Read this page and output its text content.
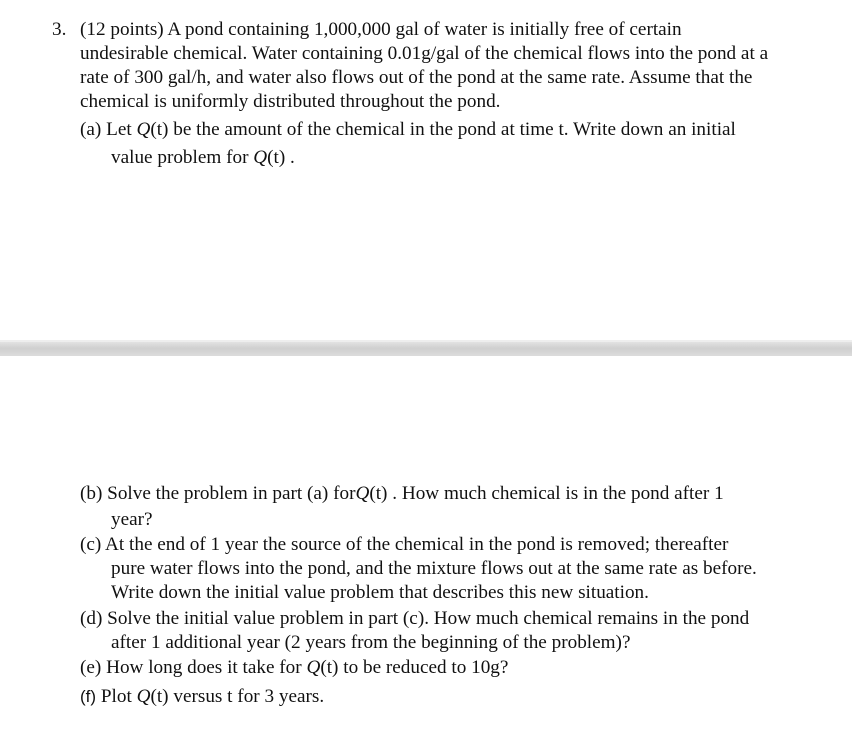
3. (12 points) A pond containing 1,000,000 gal of water is initially free of certain
undesirable chemical. Water containing 0.01g/gal of the chemical flows into the pond at a
rate of 300 gal/h, and water also flows out of the pond at the same rate. Assume that the
chemical is uniformly distributed throughout the pond.
(a) Let Q(t) be the amount of the chemical in the pond at time t. Write down an initial
value problem for Q(t) .
(b) Solve the problem in part (a) forQ(t) . How much chemical is in the pond after 1
year?
(c) At the end of 1 year the source of the chemical in the pond is removed; thereafter
pure water flows into the pond, and the mixture flows out at the same rate as before.
Write down the initial value problem that describes this new situation.
(d) Solve the initial value problem in part (c). How much chemical remains in the pond
after 1 additional year (2 years from the beginning of the problem)?
(e) How long does it take for Q(t) to be reduced to 10g?
(f) Plot Q(t) versus t for 3 years.
